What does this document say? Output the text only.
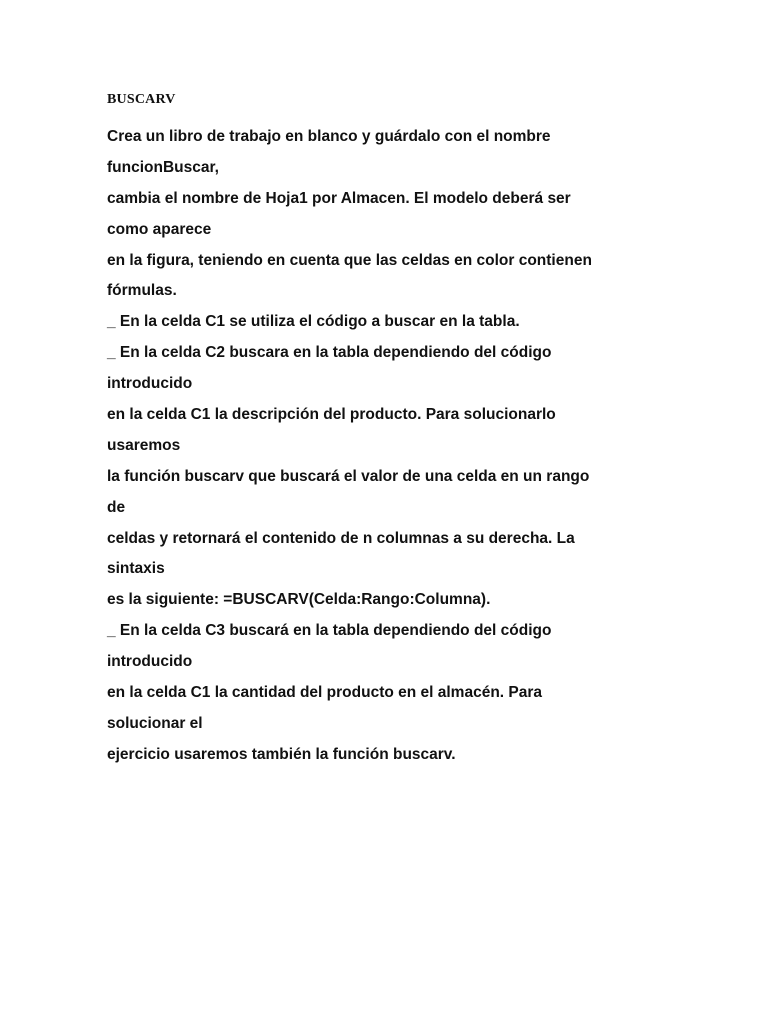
BUSCARV
Crea un libro de trabajo en blanco y guárdalo con el nombre
funcionBuscar,
cambia el nombre de Hoja1 por Almacen. El modelo deberá ser
como aparece
en la figura, teniendo en cuenta que las celdas en color contienen
fórmulas.
_ En la celda C1 se utiliza el código a buscar en la tabla.
_ En la celda C2 buscara en la tabla dependiendo del código
introducido
en la celda C1 la descripción del producto. Para solucionarlo
usaremos
la función buscarv que buscará el valor de una celda en un rango
de
celdas y retornará el contenido de n columnas a su derecha. La
sintaxis
es la siguiente: =BUSCARV(Celda:Rango:Columna).
_ En la celda C3 buscará en la tabla dependiendo del código
introducido
en la celda C1 la cantidad del producto en el almacén. Para
solucionar el
ejercicio usaremos también la función buscarv.
